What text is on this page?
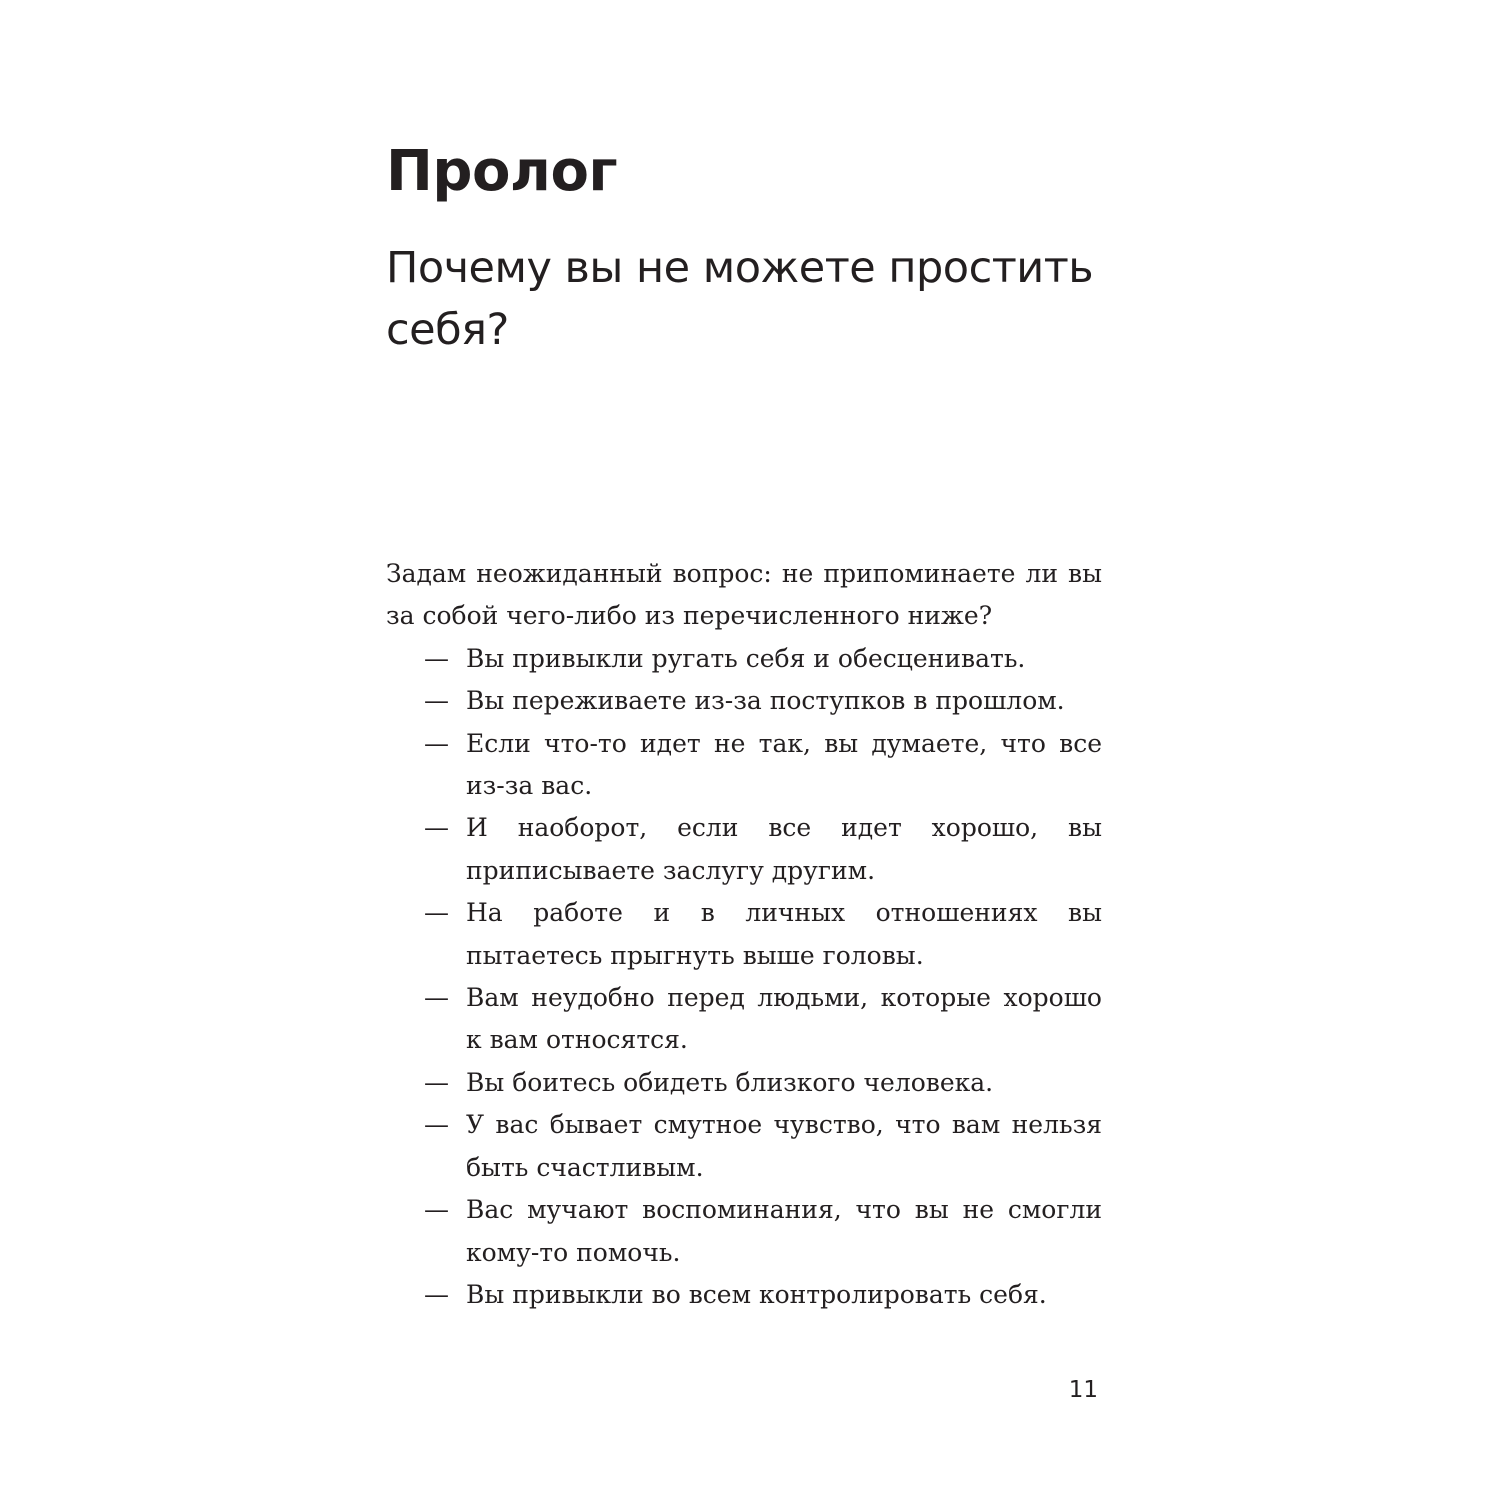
Пролог
Почему вы не можете простить себя?

Задам неожиданный вопрос: не припоминаете ли вы за собой чего-либо из перечисленного ниже?

— Вы привыкли ругать себя и обесценивать.
— Вы переживаете из-за поступков в прошлом.
— Если что-то идет не так, вы думаете, что все из-за вас.
— И наоборот, если все идет хорошо, вы приписываете заслугу другим.
— На работе и в личных отношениях вы пытаетесь прыгнуть выше головы.
— Вам неудобно перед людьми, которые хорошо к вам относятся.
— Вы боитесь обидеть близкого человека.
— У вас бывает смутное чувство, что вам нельзя быть счастливым.
— Вас мучают воспоминания, что вы не смогли кому-то помочь.
— Вы привыкли во всем контролировать себя.

11
